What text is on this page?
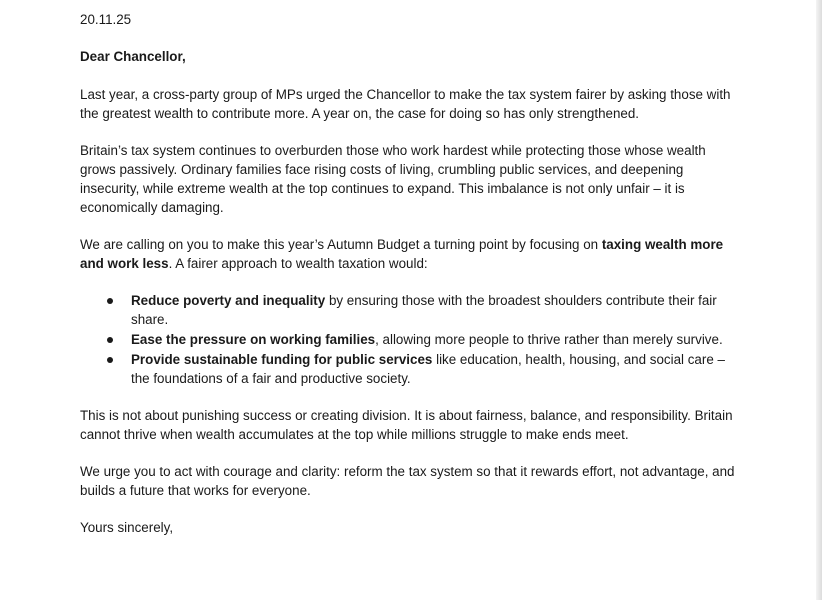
20.11.25
Dear Chancellor,

Last year, a cross-party group of MPs urged the Chancellor to make the tax system fairer by asking those with the greatest wealth to contribute more. A year on, the case for doing so has only strengthened.

Britain’s tax system continues to overburden those who work hardest while protecting those whose wealth grows passively. Ordinary families face rising costs of living, crumbling public services, and deepening insecurity, while extreme wealth at the top continues to expand. This imbalance is not only unfair – it is economically damaging.

We are calling on you to make this year’s Autumn Budget a turning point by focusing on taxing wealth more and work less. A fairer approach to wealth taxation would:

Reduce poverty and inequality by ensuring those with the broadest shoulders contribute their fair share.
Ease the pressure on working families, allowing more people to thrive rather than merely survive.
Provide sustainable funding for public services like education, health, housing, and social care – the foundations of a fair and productive society.

This is not about punishing success or creating division. It is about fairness, balance, and responsibility. Britain cannot thrive when wealth accumulates at the top while millions struggle to make ends meet.

We urge you to act with courage and clarity: reform the tax system so that it rewards effort, not advantage, and builds a future that works for everyone.

Yours sincerely,
